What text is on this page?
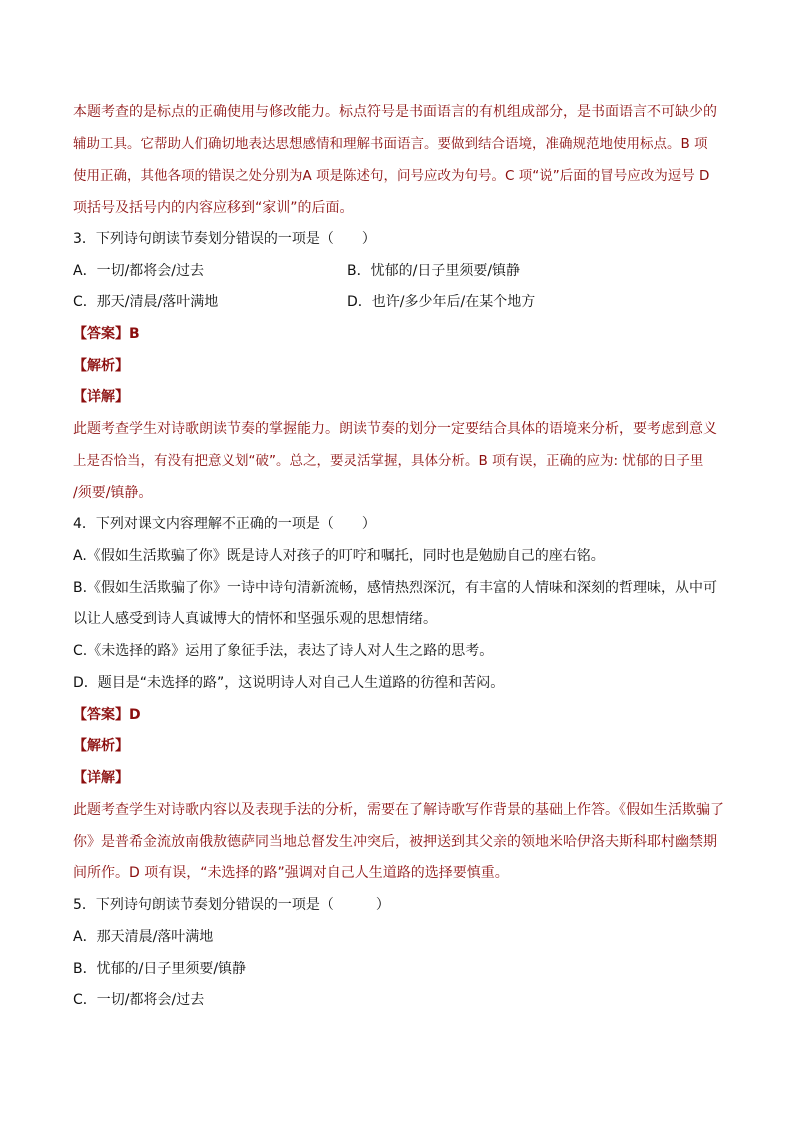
本题考查的是标点的正确使用与修改能力。标点符号是书面语言的有机组成部分，是书面语言不可缺少的
辅助工具。它帮助人们确切地表达思想感情和理解书面语言。要做到结合语境，准确规范地使用标点。B 项
使用正确，其他各项的错误之处分别为A 项是陈述句，问号应改为句号。C 项“说”后面的冒号应改为逗号 D
项括号及括号内的内容应移到“家训”的后面。
3．下列诗句朗读节奏划分错误的一项是（　　）
A．一切/都将会/过去	B．忧郁的/日子里须要/镇静
C．那天/清晨/落叶满地	D．也许/多少年后/在某个地方
【答案】B
【解析】
【详解】
此题考查学生对诗歌朗读节奏的掌握能力。朗读节奏的划分一定要结合具体的语境来分析，要考虑到意义
上是否恰当，有没有把意义划“破”。总之，要灵活掌握，具体分析。B 项有误，正确的应为: 忧郁的日子里
/须要/镇静。
4．下列对课文内容理解不正确的一项是（　　）
A.《假如生活欺骗了你》既是诗人对孩子的叮咛和嘱托，同时也是勉励自己的座右铭。
B.《假如生活欺骗了你》一诗中诗句清新流畅，感情热烈深沉，有丰富的人情味和深刻的哲理味，从中可
以让人感受到诗人真诚博大的情怀和坚强乐观的思想情绪。
C.《未选择的路》运用了象征手法，表达了诗人对人生之路的思考。
D．题目是“未选择的路”，这说明诗人对自己人生道路的彷徨和苦闷。
【答案】D
【解析】
【详解】
此题考查学生对诗歌内容以及表现手法的分析，需要在了解诗歌写作背景的基础上作答。《假如生活欺骗了
你》是普希金流放南俄敖德萨同当地总督发生冲突后，被押送到其父亲的领地米哈伊洛夫斯科耶村幽禁期
间所作。D 项有误，“未选择的路”强调对自己人生道路的选择要慎重。
5．下列诗句朗读节奏划分错误的一项是（　　　）
A．那天清晨/落叶满地
B．忧郁的/日子里须要/镇静
C．一切/都将会/过去
